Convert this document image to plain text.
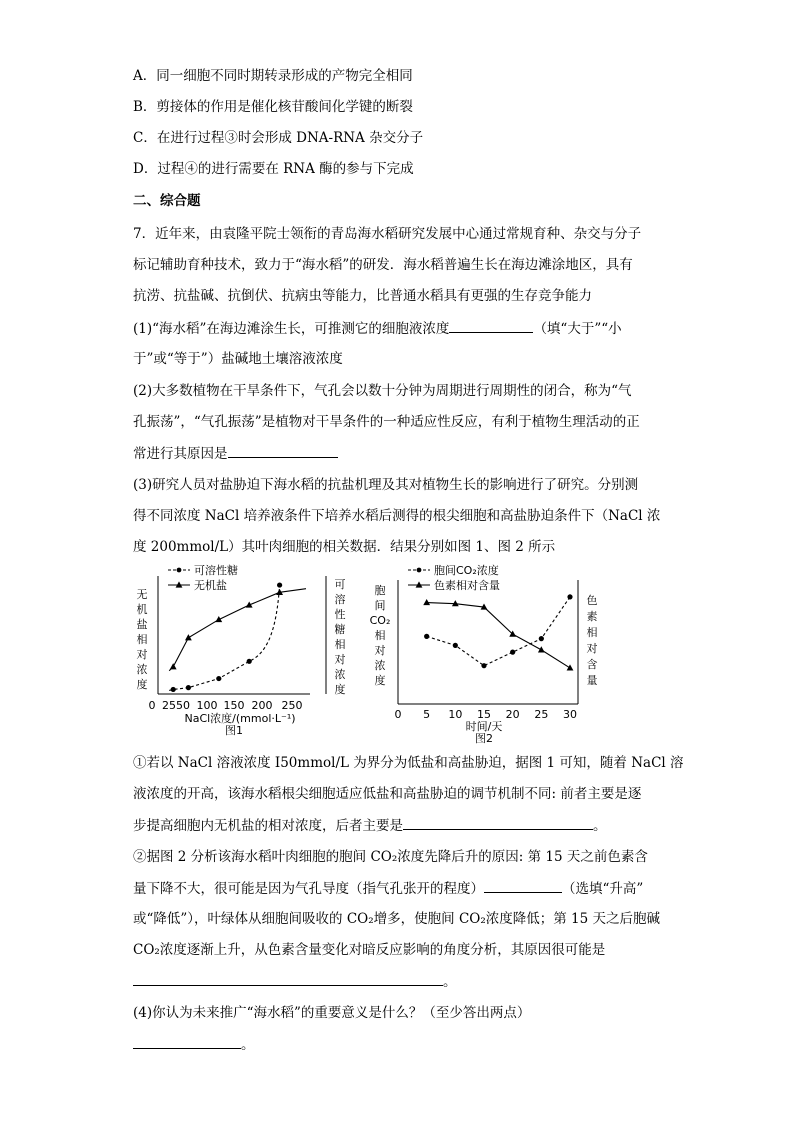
A．同一细胞不同时期转录形成的产物完全相同
B．剪接体的作用是催化核苷酸间化学键的断裂
C．在进行过程③时会形成 DNA-RNA 杂交分子
D．过程④的进行需要在 RNA 酶的参与下完成
二、综合题
7．近年来，由袁隆平院士领衔的青岛海水稻研究发展中心通过常规育种、杂交与分子
标记辅助育种技术，致力于“海水稻”的研发．海水稻普遍生长在海边滩涂地区，具有
抗涝、抗盐碱、抗倒伏、抗病虫等能力，比普通水稻具有更强的生存竞争能力
(1)“海水稻”在海边滩涂生长，可推测它的细胞液浓度	（填“大于”“小
于”或“等于”）盐碱地土壤溶液浓度
(2)大多数植物在干旱条件下，气孔会以数十分钟为周期进行周期性的闭合，称为“气
孔振荡”，“气孔振荡”是植物对干旱条件的一种适应性反应，有利于植物生理活动的正
常进行其原因是
(3)研究人员对盐胁迫下海水稻的抗盐机理及其对植物生长的影响进行了研究。分别测
得不同浓度 NaCl 培养液条件下培养水稻后测得的根尖细胞和高盐胁迫条件下（NaCl 浓
度 200mmol/L）其叶肉细胞的相关数据．结果分别如图 1、图 2 所示
无
机
盐
相
对
浓
度
可
溶
性
糖
相
对
浓
度
0 2550 100 150 200 250
NaCl浓度/(mmol·L⁻¹)
图1
可溶性糖
无机盐	胞
间
CO₂
相
对
浓
度
色
素
相
对
含
量
0 5 10 15 20 25 30
时间/天
图2
胞间CO₂浓度
色素相对含量
①若以 NaCl 溶液浓度 I50mmol/L 为界分为低盐和高盐胁迫，据图 1 可知，随着 NaCl 溶
液浓度的开高，该海水稻根尖细胞适应低盐和高盐胁迫的调节机制不同: 前者主要是逐
步提高细胞内无机盐的相对浓度，后者主要是	。
②据图 2 分析该海水稻叶肉细胞的胞间 CO₂浓度先降后升的原因: 第 15 天之前色素含
量下降不大，很可能是因为气孔导度（指气孔张开的程度）	（选填“升高”
或“降低”），叶绿体从细胞间吸收的 CO₂增多，使胞间 CO₂浓度降低；第 15 天之后胞碱
CO₂浓度逐渐上升，从色素含量变化对暗反应影响的角度分析，其原因很可能是
。
(4)你认为未来推广“海水稻”的重要意义是什么？（至少答出两点）
。
